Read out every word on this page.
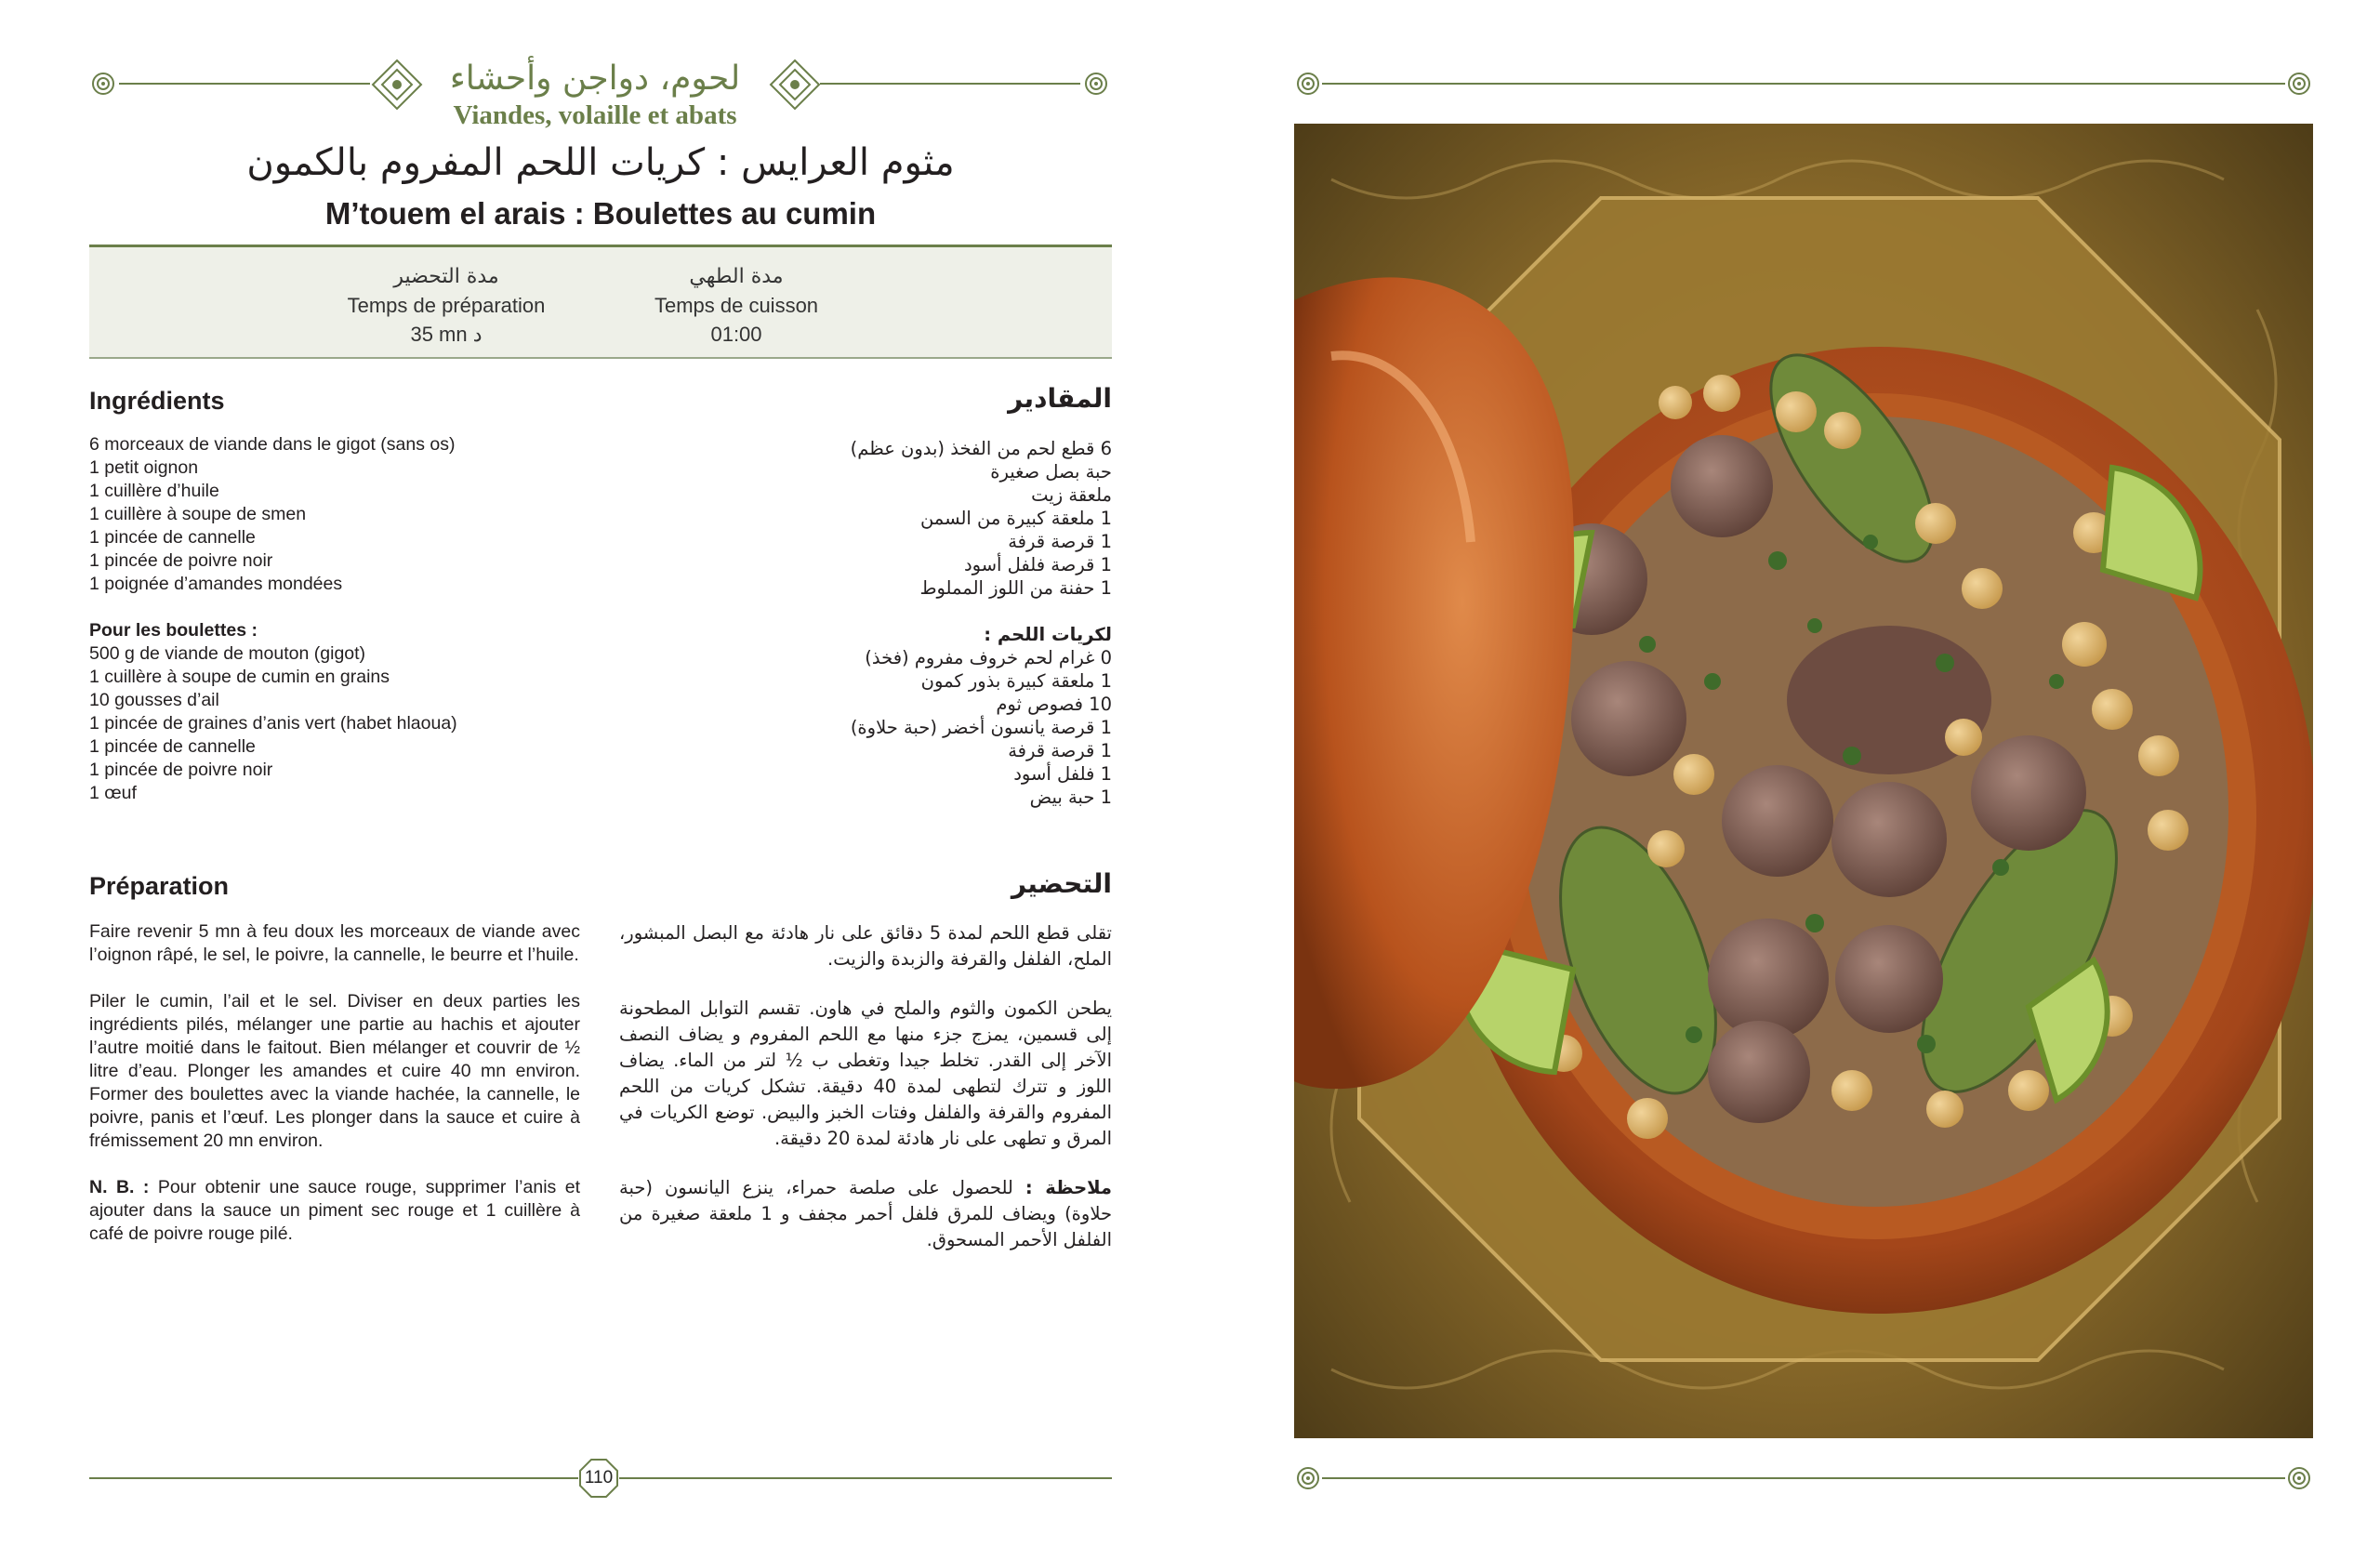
لحوم، دواجن وأحشاء
Viandes, volaille et abats
مثوم العرايس : كريات اللحم المفروم بالكمون
M’touem el arais : Boulettes au cumin
مدة التحضير
Temps de préparation
35 mn د
مدة الطهي
Temps de cuisson
01:00
Ingrédients	المقادير
6 morceaux de viande dans le gigot (sans os)
1 petit oignon
1 cuillère d’huile
1 cuillère à soupe de smen
1 pincée de cannelle
1 pincée de poivre noir
1 poignée d’amandes mondées
Pour les boulettes :
500 g de viande de mouton (gigot)
1 cuillère à soupe de cumin en grains
10 gousses d’ail
1 pincée de graines d’anis vert (habet hlaoua)
1 pincée de cannelle
1 pincée de poivre noir
1 œuf
6 قطع لحم من الفخذ (بدون عظم)
حبة بصل صغيرة
ملعقة زيت
1 ملعقة كبيرة من السمن
1 قرصة قرفة
1 قرصة فلفل أسود
1 حفنة من اللوز المملوط
لكريات اللحم :
0 غرام لحم خروف مفروم (فخذ)
1 ملعقة كبيرة بذور كمون
10 فصوص ثوم
1 قرصة يانسون أخضر (حبة حلاوة)
1 قرصة قرفة
1 فلفل أسود
1 حبة بيض
Préparation	التحضير

Faire revenir 5 mn à feu doux les morceaux de viande avec l’oignon râpé, le sel, le poivre, la cannelle, le beurre et l’huile.

Piler le cumin, l’ail et le sel. Diviser en deux parties les ingrédients pilés, mélanger une partie au hachis et ajouter l’autre moitié dans le faitout. Bien mélanger et couvrir de ½ litre d’eau. Plonger les amandes et cuire 40 mn environ. Former des boulettes avec la viande hachée, la cannelle, le poivre, panis et l’œuf. Les plonger dans la sauce et cuire à frémissement 20 mn environ.

N. B. : Pour obtenir une sauce rouge, supprimer l’anis et ajouter dans la sauce un piment sec rouge et 1 cuillère à café de poivre rouge pilé.

تقلى قطع اللحم لمدة 5 دقائق على نار هادئة مع البصل المبشور، الملح، الفلفل والقرفة والزبدة والزيت.

يطحن الكمون والثوم والملح في هاون. تقسم التوابل المطحونة إلى قسمين، يمزج جزء منها مع اللحم المفروم و يضاف النصف الآخر إلى القدر. تخلط جيدا وتغطى ب ½ لتر من الماء. يضاف اللوز و تترك لتطهى لمدة 40 دقيقة. تشكل كريات من اللحم المفروم والقرفة والفلفل وفتات الخبز والبيض. توضع الكريات في المرق و تطهى على نار هادئة لمدة 20 دقيقة.

ملاحظة : للحصول على صلصة حمراء، ينزع اليانسون (حبة حلاوة) ويضاف للمرق فلفل أحمر مجفف و 1 ملعقة صغيرة من الفلفل الأحمر المسحوق.

110
